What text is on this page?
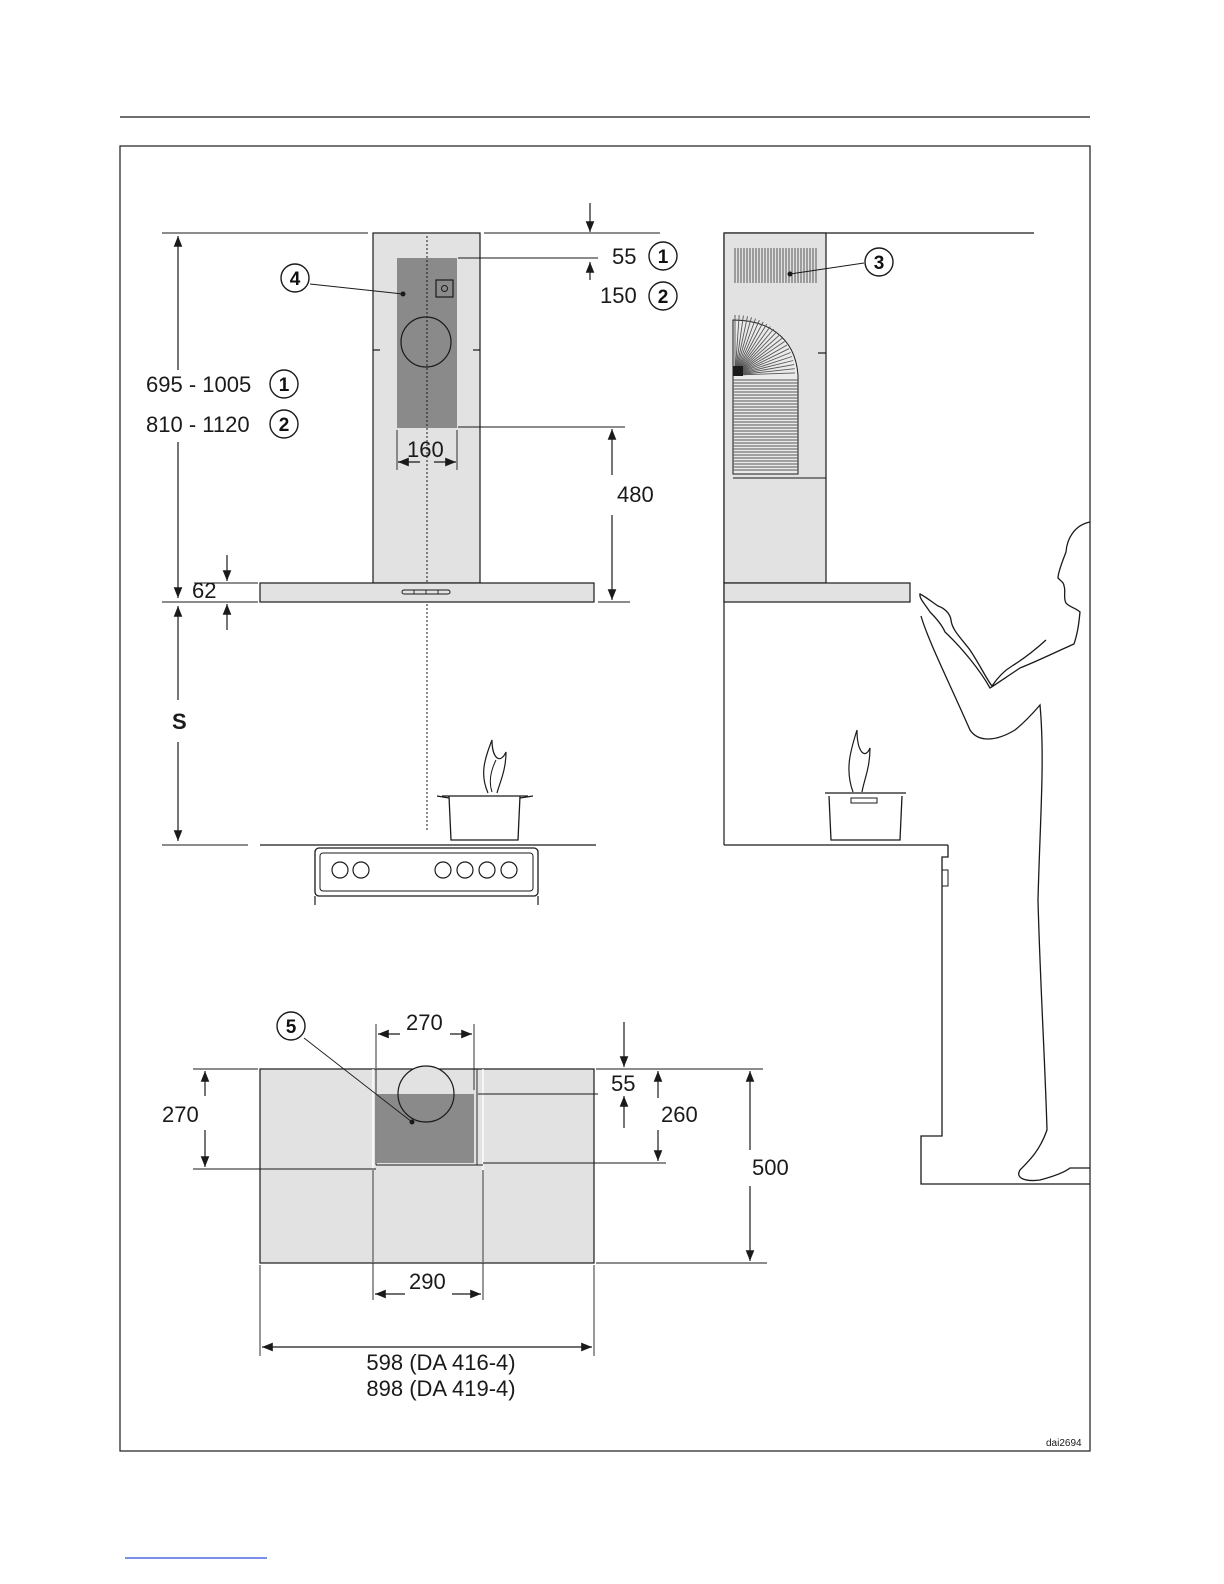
55
150
1
2
695 - 1005
810 - 1120
1
2
4
160
480
62
S
3
5	270
270
55
260
500
290
598 (DA 416-4)
898 (DA 419-4)
dai2694
